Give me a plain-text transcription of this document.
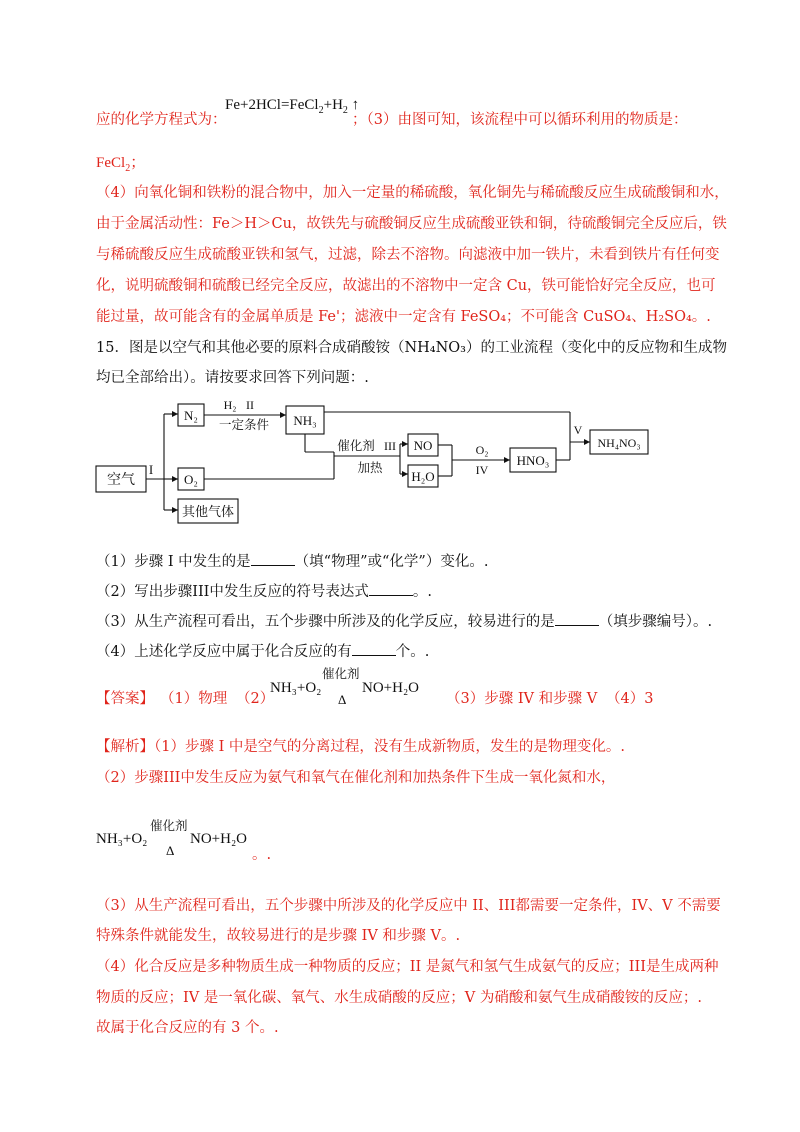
应的化学方程式为：
$Fe+2HCl=FeCl_2+H_2$ ↑
；（3）由图可知，该流程中可以循环利用的物质是：
FeCl$_2$；
（4）向氧化铜和铁粉的混合物中，加入一定量的稀硫酸，氧化铜先与稀硫酸反应生成硫酸铜和水，
由于金属活动性：Fe＞H＞Cu，故铁先与硫酸铜反应生成硫酸亚铁和铜，待硫酸铜完全反应后，铁
与稀硫酸反应生成硫酸亚铁和氢气，过滤，除去不溶物。向滤液中加一铁片，未看到铁片有任何变
化，说明硫酸铜和硫酸已经完全反应，故滤出的不溶物中一定含 Cu，铁可能恰好完全反应，也可
能过量，故可能含有的金属单质是 Fe'；滤液中一定含有 FeSO₄；不可能含 CuSO₄、H₂SO₄。.
15．图是以空气和其他必要的原料合成硝酸铵（NH₄NO₃）的工业流程（变化中的反应物和生成物
均已全部给出）。请按要求回答下列问题：.
空气
I
N₂
O₂
其他气体
H₂ II
一定条件 NH₃
催化剂 III
加热
NO
H₂O
O₂
IV
HNO₃
V
NH₄NO₃
（1）步骤 I 中发生的是	（填“物理”或“化学”）变化。.
（2）写出步骤III中发生反应的符号表达式	。.
（3）从生产流程可看出，五个步骤中所涉及的化学反应，较易进行的是	（填步骤编号）。.
（4）上述化学反应中属于化合反应的有	个。.
【答案】 （1）物理 （2）
NH₃+O₂
催化剂
Δ
NO+H₂O
（3）步骤 IV 和步骤 V （4）3
【解析】（1）步骤 I 中是空气的分离过程，没有生成新物质，发生的是物理变化。.
（2）步骤III中发生反应为氨气和氧气在催化剂和加热条件下生成一氧化氮和水，
NH₃+O₂
催化剂
Δ
NO+H₂O
。.
（3）从生产流程可看出，五个步骤中所涉及的化学反应中 II、III都需要一定条件，IV、V 不需要
特殊条件就能发生，故较易进行的是步骤 IV 和步骤 V。.
（4）化合反应是多种物质生成一种物质的反应；II 是氮气和氢气生成氨气的反应；III是生成两种
物质的反应；IV 是一氧化碳、氧气、水生成硝酸的反应；V 为硝酸和氨气生成硝酸铵的反应；.
故属于化合反应的有 3 个。.
